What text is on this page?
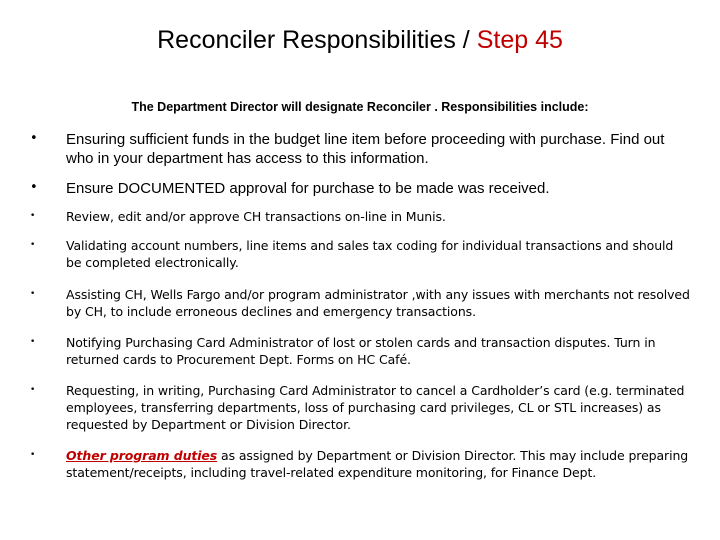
Reconciler Responsibilities / Step 45
The Department Director will designate Reconciler . Responsibilities include:
•	Ensuring sufficient funds in the budget line item before proceeding with purchase. Find out who in your department has access to this information.
•	Ensure DOCUMENTED approval for purchase to be made was received.
•	Review, edit and/or approve CH transactions on-line in Munis.
•	Validating account numbers, line items and sales tax coding for individual transactions and should be completed electronically.
•	Assisting CH, Wells Fargo and/or program administrator ,with any issues with merchants not resolved by CH, to include erroneous declines and emergency transactions.
•	Notifying Purchasing Card Administrator of lost or stolen cards and transaction disputes. Turn in returned cards to Procurement Dept. Forms on HC Café.
•	Requesting, in writing, Purchasing Card Administrator to cancel a Cardholder’s card (e.g. terminated employees, transferring departments, loss of purchasing card privileges, CL or STL increases) as requested by Department or Division Director.
•	Other program duties as assigned by Department or Division Director. This may include preparing statement/receipts, including travel-related expenditure monitoring, for Finance Dept.
